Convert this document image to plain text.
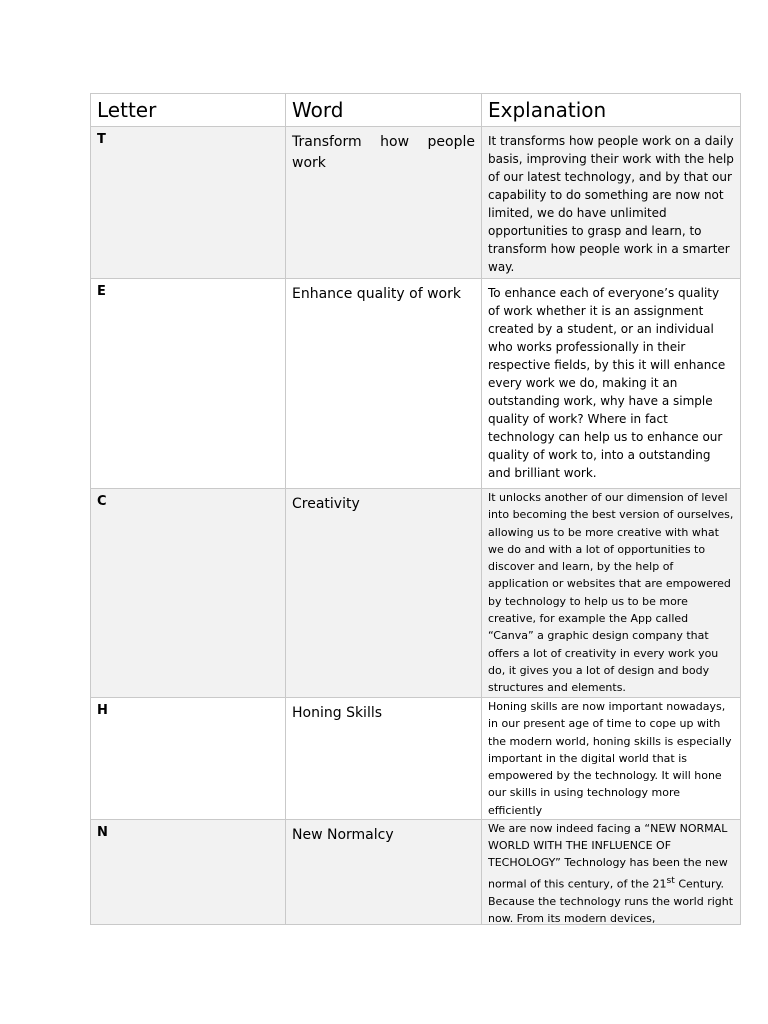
Letter	Word	Explanation
T	Transform how people work	It transforms how people work on a daily basis, improving their work with the help of our latest technology, and by that our capability to do something are now not limited, we do have unlimited opportunities to grasp and learn, to transform how people work in a smarter way.
E	Enhance quality of work	To enhance each of everyone’s quality of work whether it is an assignment created by a student, or an individual who works professionally in their respective fields, by this it will enhance every work we do, making it an outstanding work, why have a simple quality of work? Where in fact technology can help us to enhance our quality of work to, into a outstanding and brilliant work.
C	Creativity	It unlocks another of our dimension of level into becoming the best version of ourselves, allowing us to be more creative with what we do and with a lot of opportunities to discover and learn, by the help of application or websites that are empowered by technology to help us to be more creative, for example the App called “Canva” a graphic design company that offers a lot of creativity in every work you do, it gives you a lot of design and body structures and elements.
H	Honing Skills	Honing skills are now important nowadays, in our present age of time to cope up with the modern world, honing skills is especially important in the digital world that is empowered by the technology. It will hone our skills in using technology more efficiently
N	New Normalcy	We are now indeed facing a “NEW NORMAL WORLD WITH THE INFLUENCE OF TECHOLOGY” Technology has been the new normal of this century, of the 21st Century. Because the technology runs the world right now. From its modern devices,
